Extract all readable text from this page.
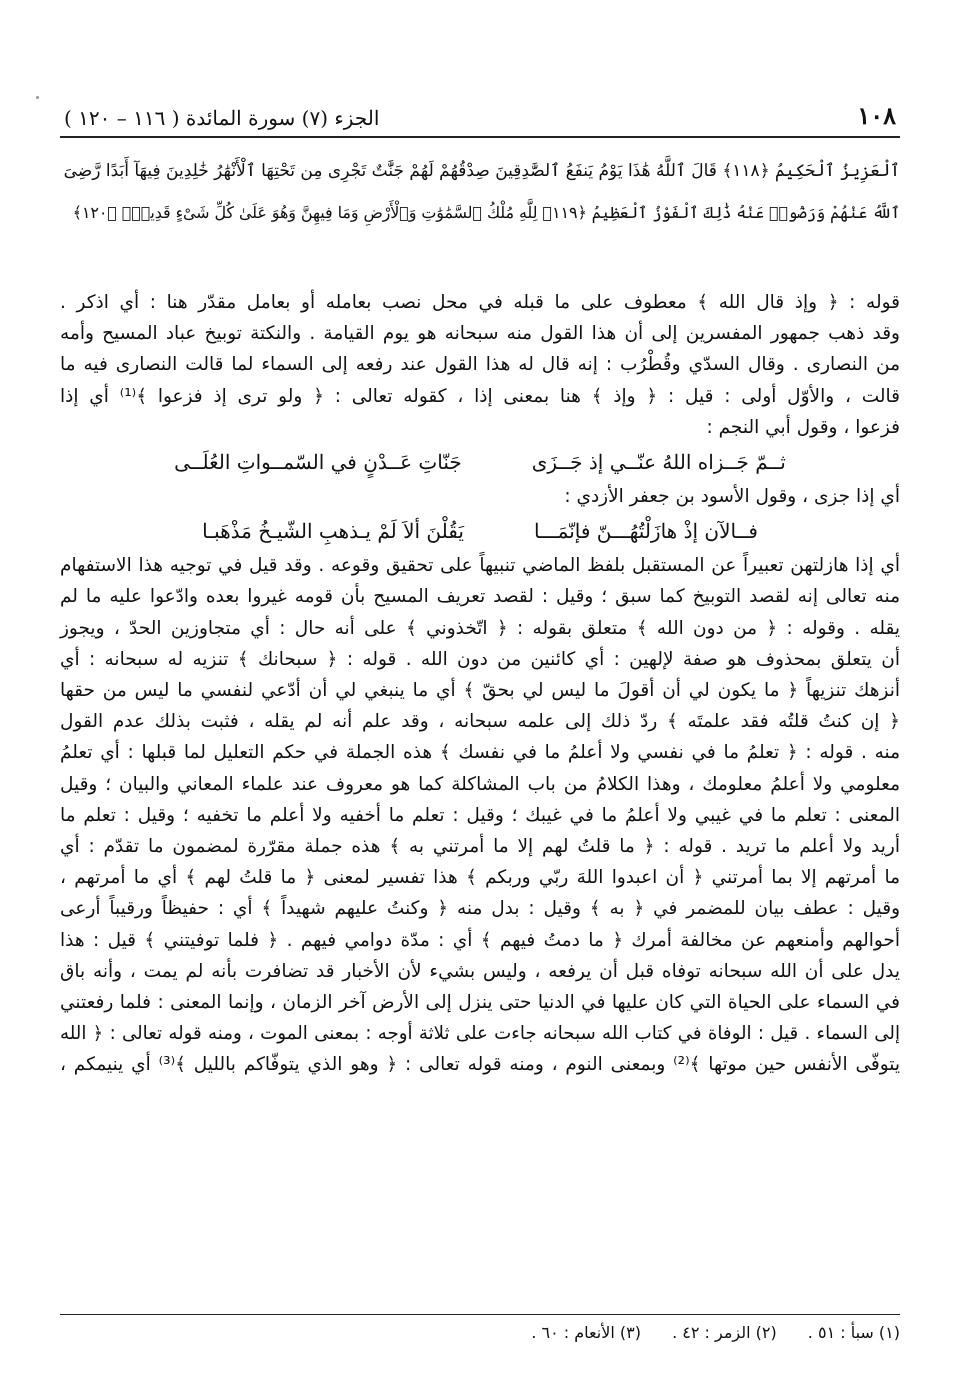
١٠٨
الجزء (٧) سورة المائدة ( ١١٦ – ١٢٠ )
ٱلْعَزِيزُ ٱلْحَكِيمُ ﴿١١٨﴾ قَالَ ٱللَّهُ هَٰذَا يَوْمُ يَنفَعُ ٱلصَّٰدِقِينَ صِدْقُهُمْ لَهُمْ جَنَّٰتٌ تَجْرِى مِن تَحْتِهَا ٱلْأَنْهَٰرُ خَٰلِدِينَ فِيهَآ أَبَدًا رَّضِىَ
ٱللَّهُ عَنْهُمْ وَرَضُوا۟ عَنْهُ ذَٰلِكَ ٱلْفَوْزُ ٱلْعَظِيمُ ﴿١١٩﴾ لِلَّهِ مُلْكُ ٱلسَّمَٰوَٰتِ وَٱلْأَرْضِ وَمَا فِيهِنَّ وَهُوَ عَلَىٰ كُلِّ شَىْءٍ قَدِيرٌۢ ﴿١٢٠﴾
قوله : ﴿ وإذ قال الله ﴾ معطوف على ما قبله في محل نصب بعامله أو بعامل مقدّر هنا : أي اذكر .
وقد ذهب جمهور المفسرين إلى أن هذا القول منه سبحانه هو يوم القيامة . والنكتة توبيخ عباد المسيح وأمه
من النصارى . وقال السدّي وقُطْرُب : إنه قال له هذا القول عند رفعه إلى السماء لما قالت النصارى فيه ما
قالت ، والأوّل أولى : قيل : ﴿ وإذ ﴾ هنا بمعنى إذا ، كقوله تعالى : ﴿ ولو ترى إذ فزعوا ﴾⁽¹⁾ أي إذا
فزعوا ، وقول أبي النجم :
ثــمّ جَــزاه اللهُ عنّــي إذ جَــزَى
جَنّاتِ عَــدْنٍ في السّمــواتِ العُلَــى
أي إذا جزى ، وقول الأسود بن جعفر الأزدي :
فــالآن إذْ هازَلْتُهُـــنّ فإنّمَـــا
يَقُلْنَ ألاَ لَمْ يـذهبِ الشّيـخُ مَذْهَبـا
أي إذا هازلتهن تعبيراً عن المستقبل بلفظ الماضي تنبيهاً على تحقيق وقوعه . وقد قيل في توجيه هذا الاستفهام
منه تعالى إنه لقصد التوبيخ كما سبق ؛ وقيل : لقصد تعريف المسيح بأن قومه غيروا بعده وادّعوا عليه ما لم
يقله . وقوله : ﴿ من دون الله ﴾ متعلق بقوله : ﴿ اتّخذوني ﴾ على أنه حال : أي متجاوزين الحدّ ، ويجوز
أن يتعلق بمحذوف هو صفة لإلهين : أي كائنين من دون الله . قوله : ﴿ سبحانك ﴾ تنزيه له سبحانه : أي
أنزهك تنزيهاً ﴿ ما يكون لي أن أقولَ ما ليس لي بحقّ ﴾ أي ما ينبغي لي أن أدّعي لنفسي ما ليس من حقها
﴿ إن كنتُ قلتُه فقد علمتَه ﴾ ردّ ذلك إلى علمه سبحانه ، وقد علم أنه لم يقله ، فثبت بذلك عدم القول
منه . قوله : ﴿ تعلمُ ما في نفسي ولا أعلمُ ما في نفسك ﴾ هذه الجملة في حكم التعليل لما قبلها : أي تعلمُ
معلومي ولا أعلمُ معلومك ، وهذا الكلامُ من باب المشاكلة كما هو معروف عند علماء المعاني والبيان ؛ وقيل
المعنى : تعلم ما في غيبي ولا أعلمُ ما في غيبك ؛ وقيل : تعلم ما أخفيه ولا أعلم ما تخفيه ؛ وقيل : تعلم ما
أريد ولا أعلم ما تريد . قوله : ﴿ ما قلتُ لهم إلا ما أمرتني به ﴾ هذه جملة مقرّرة لمضمون ما تقدّم : أي
ما أمرتهم إلا بما أمرتني ﴿ أن اعبدوا اللهَ ربّي وربكم ﴾ هذا تفسير لمعنى ﴿ ما قلتُ لهم ﴾ أي ما أمرتهم ،
وقيل : عطف بيان للمضمر في ﴿ به ﴾ وقيل : بدل منه ﴿ وكنتُ عليهم شهيداً ﴾ أي : حفيظاً ورقيباً أرعى
أحوالهم وأمنعهم عن مخالفة أمرك ﴿ ما دمتُ فيهم ﴾ أي : مدّة دوامي فيهم . ﴿ فلما توفيتني ﴾ قيل : هذا
يدل على أن الله سبحانه توفاه قبل أن يرفعه ، وليس بشيء لأن الأخبار قد تضافرت بأنه لم يمت ، وأنه باق
في السماء على الحياة التي كان عليها في الدنيا حتى ينزل إلى الأرض آخر الزمان ، وإنما المعنى : فلما رفعتني
إلى السماء . قيل : الوفاة في كتاب الله سبحانه جاءت على ثلاثة أوجه : بمعنى الموت ، ومنه قوله تعالى : ﴿ الله
يتوفّى الأنفس حين موتها ﴾⁽²⁾ وبمعنى النوم ، ومنه قوله تعالى : ﴿ وهو الذي يتوفّاكم بالليل ﴾⁽³⁾ أي ينيمكم ،
(١) سبأ : ٥١ . (٢) الزمر : ٤٢ . (٣) الأنعام : ٦٠ .
